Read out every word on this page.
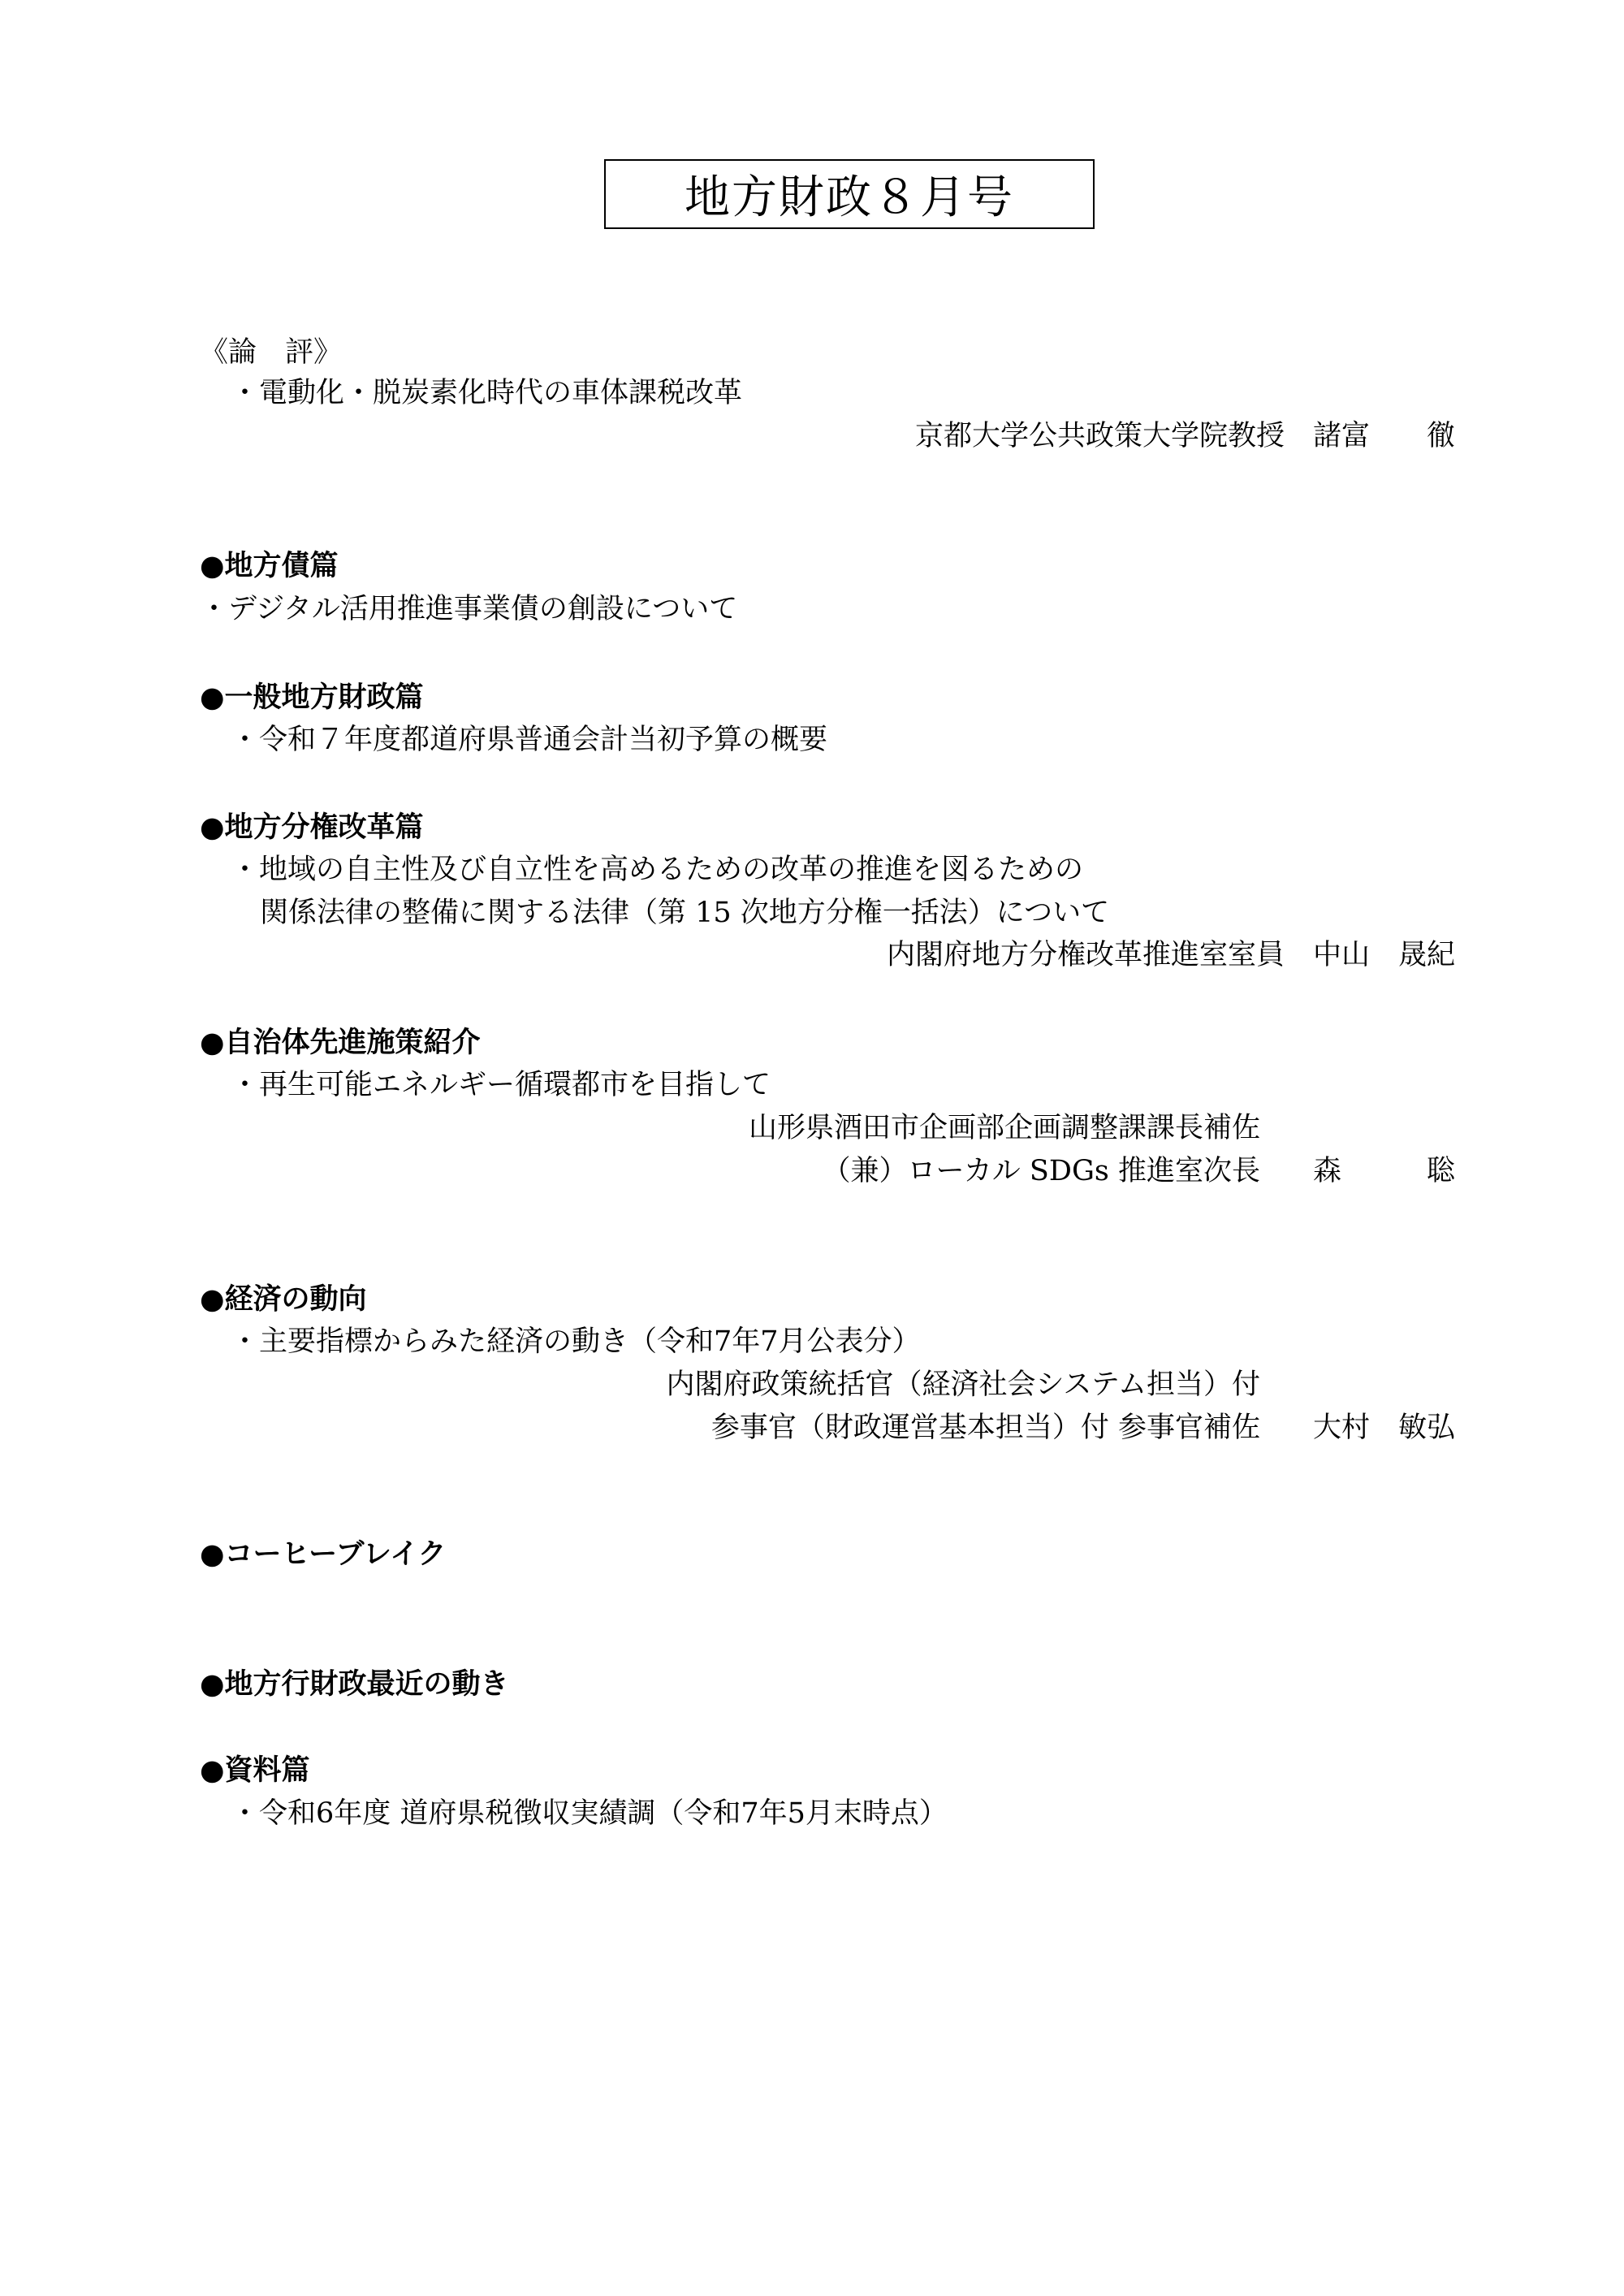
地方財政８月号
《論　評》
・電動化・脱炭素化時代の車体課税改革
京都大学公共政策大学院教授　諸富　　徹
●地方債篇
・デジタル活用推進事業債の創設について
●一般地方財政篇
・令和７年度都道府県普通会計当初予算の概要
●地方分権改革篇
・地域の自主性及び自立性を高めるための改革の推進を図るための
関係法律の整備に関する法律（第 15 次地方分権一括法）について
内閣府地方分権改革推進室室員　中山　晟紀
●自治体先進施策紹介
・再生可能エネルギー循環都市を目指して
山形県酒田市企画部企画調整課課長補佐
（兼）ローカル SDGs 推進室次長 森　　　聡
●経済の動向
・主要指標からみた経済の動き（令和7年7月公表分）
内閣府政策統括官（経済社会システム担当）付
参事官（財政運営基本担当）付 参事官補佐 大村　敏弘
●コーヒーブレイク
●地方行財政最近の動き
●資料篇
・令和6年度 道府県税徴収実績調（令和7年5月末時点）
